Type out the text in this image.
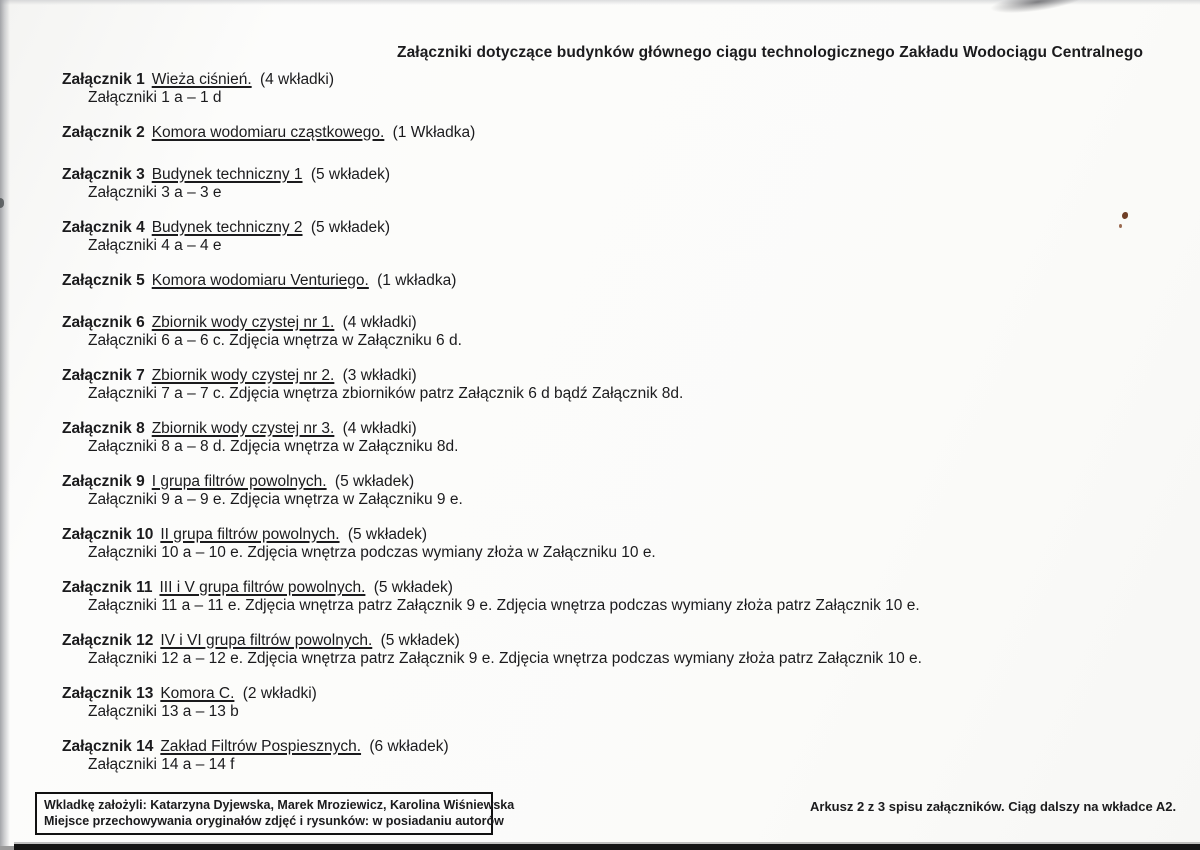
Załączniki dotyczące budynków głównego ciągu technologicznego Zakładu Wodociągu Centralnego
Załącznik 1 Wieża ciśnień. (4 wkładki)
Załączniki 1 a – 1 d
Załącznik 2 Komora wodomiaru cząstkowego. (1 Wkładka)
Załącznik 3 Budynek techniczny 1 (5 wkładek)
Załączniki 3 a – 3 e
Załącznik 4 Budynek techniczny 2 (5 wkładek)
Załączniki 4 a – 4 e
Załącznik 5 Komora wodomiaru Venturiego. (1 wkładka)
Załącznik 6 Zbiornik wody czystej nr 1. (4 wkładki)
Załączniki 6 a – 6 c. Zdjęcia wnętrza w Załączniku 6 d.
Załącznik 7 Zbiornik wody czystej nr 2. (3 wkładki)
Załączniki 7 a – 7 c. Zdjęcia wnętrza zbiorników patrz Załącznik 6 d bądź Załącznik 8d.
Załącznik 8 Zbiornik wody czystej nr 3. (4 wkładki)
Załączniki 8 a – 8 d. Zdjęcia wnętrza w Załączniku 8d.
Załącznik 9 I grupa filtrów powolnych. (5 wkładek)
Załączniki 9 a – 9 e. Zdjęcia wnętrza w Załączniku 9 e.
Załącznik 10 II grupa filtrów powolnych. (5 wkładek)
Załączniki 10 a – 10 e. Zdjęcia wnętrza podczas wymiany złoża w Załączniku 10 e.
Załącznik 11 III i V grupa filtrów powolnych. (5 wkładek)
Załączniki 11 a – 11 e. Zdjęcia wnętrza patrz Załącznik 9 e. Zdjęcia wnętrza podczas wymiany złoża patrz Załącznik 10 e.
Załącznik 12 IV i VI grupa filtrów powolnych. (5 wkładek)
Załączniki 12 a – 12 e. Zdjęcia wnętrza patrz Załącznik 9 e. Zdjęcia wnętrza podczas wymiany złoża patrz Załącznik 10 e.
Załącznik 13 Komora C. (2 wkładki)
Załączniki 13 a – 13 b
Załącznik 14 Zakład Filtrów Pospiesznych. (6 wkładek)
Załączniki 14 a – 14 f
Wkladkę założyli: Katarzyna Dyjewska, Marek Mroziewicz, Karolina Wiśniewska
Miejsce przechowywania oryginałów zdjęć i rysunków: w posiadaniu autorów
Arkusz 2 z 3 spisu załączników. Ciąg dalszy na wkładce A2.
